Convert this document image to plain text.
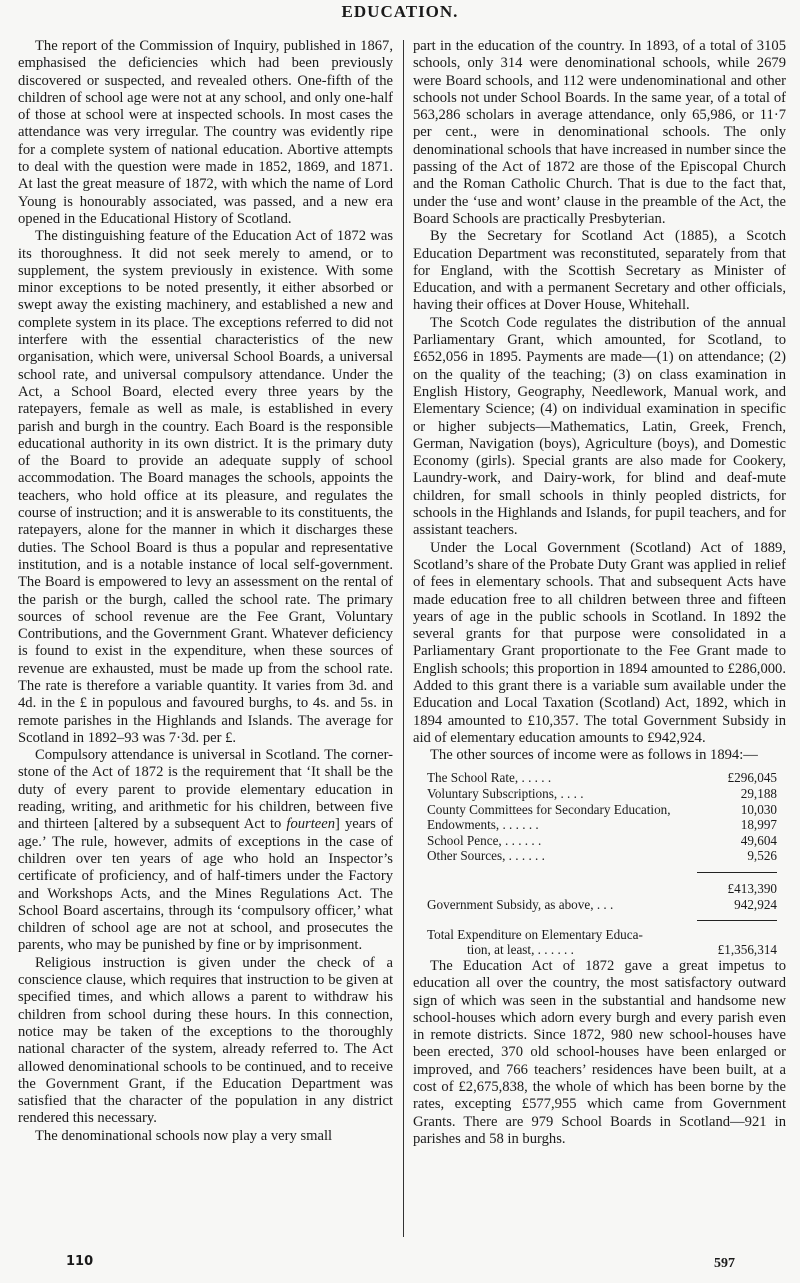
EDUCATION.

The report of the Commission of Inquiry, published in 1867, emphasised the deficiencies which had been previously discovered or suspected, and revealed others. One-fifth of the children of school age were not at any school, and only one-half of those at school were at inspected schools. In most cases the attendance was very irregular. The country was evidently ripe for a complete system of national education. Abortive attempts to deal with the question were made in 1852, 1869, and 1871. At last the great measure of 1872, with which the name of Lord Young is honourably associated, was passed, and a new era opened in the Educational History of Scotland.

The distinguishing feature of the Education Act of 1872 was its thoroughness. It did not seek merely to amend, or to supplement, the system previously in existence. With some minor exceptions to be noted presently, it either absorbed or swept away the existing machinery, and established a new and complete system in its place. The exceptions referred to did not interfere with the essential characteristics of the new organisation, which were, universal School Boards, a universal school rate, and universal compulsory attendance. Under the Act, a School Board, elected every three years by the ratepayers, female as well as male, is established in every parish and burgh in the country. Each Board is the responsible educational authority in its own district. It is the primary duty of the Board to provide an adequate supply of school accommodation. The Board manages the schools, appoints the teachers, who hold office at its pleasure, and regulates the course of instruction; and it is answerable to its constituents, the ratepayers, alone for the manner in which it discharges these duties. The School Board is thus a popular and representative institution, and is a notable instance of local self-government. The Board is empowered to levy an assessment on the rental of the parish or the burgh, called the school rate. The primary sources of school revenue are the Fee Grant, Voluntary Contributions, and the Government Grant. Whatever deficiency is found to exist in the expenditure, when these sources of revenue are exhausted, must be made up from the school rate. The rate is therefore a variable quantity. It varies from 3d. and 4d. in the £ in populous and favoured burghs, to 4s. and 5s. in remote parishes in the Highlands and Islands. The average for Scotland in 1892–93 was 7·3d. per £.

Compulsory attendance is universal in Scotland. The corner-stone of the Act of 1872 is the requirement that ‘It shall be the duty of every parent to provide elementary education in reading, writing, and arithmetic for his children, between five and thirteen [altered by a subsequent Act to fourteen] years of age.’ The rule, however, admits of exceptions in the case of children over ten years of age who hold an Inspector’s certificate of proficiency, and of half-timers under the Factory and Workshops Acts, and the Mines Regulations Act. The School Board ascertains, through its ‘compulsory officer,’ what children of school age are not at school, and prosecutes the parents, who may be punished by fine or by imprisonment.

Religious instruction is given under the check of a conscience clause, which requires that instruction to be given at specified times, and which allows a parent to withdraw his children from school during these hours. In this connection, notice may be taken of the exceptions to the thoroughly national character of the system, already referred to. The Act allowed denominational schools to be continued, and to receive the Government Grant, if the Education Department was satisfied that the character of the population in any district rendered this necessary.

The denominational schools now play a very small

part in the education of the country. In 1893, of a total of 3105 schools, only 314 were denominational schools, while 2679 were Board schools, and 112 were undenominational and other schools not under School Boards. In the same year, of a total of 563,286 scholars in average attendance, only 65,986, or 11·7 per cent., were in denominational schools. The only denominational schools that have increased in number since the passing of the Act of 1872 are those of the Episcopal Church and the Roman Catholic Church. That is due to the fact that, under the ‘use and wont’ clause in the preamble of the Act, the Board Schools are practically Presbyterian.

By the Secretary for Scotland Act (1885), a Scotch Education Department was reconstituted, separately from that for England, with the Scottish Secretary as Minister of Education, and with a permanent Secretary and other officials, having their offices at Dover House, Whitehall.

The Scotch Code regulates the distribution of the annual Parliamentary Grant, which amounted, for Scotland, to £652,056 in 1895. Payments are made—(1) on attendance; (2) on the quality of the teaching; (3) on class examination in English History, Geography, Needlework, Manual work, and Elementary Science; (4) on individual examination in specific or higher subjects—Mathematics, Latin, Greek, French, German, Navigation (boys), Agriculture (boys), and Domestic Economy (girls). Special grants are also made for Cookery, Laundry-work, and Dairy-work, for blind and deaf-mute children, for small schools in thinly peopled districts, for schools in the Highlands and Islands, for pupil teachers, and for assistant teachers.

Under the Local Government (Scotland) Act of 1889, Scotland’s share of the Probate Duty Grant was applied in relief of fees in elementary schools. That and subsequent Acts have made education free to all children between three and fifteen years of age in the public schools in Scotland. In 1892 the several grants for that purpose were consolidated in a Parliamentary Grant proportionate to the Fee Grant made to English schools; this proportion in 1894 amounted to £286,000. Added to this grant there is a variable sum available under the Education and Local Taxation (Scotland) Act, 1892, which in 1894 amounted to £10,357. The total Government Subsidy in aid of elementary education amounts to £942,924.

The other sources of income were as follows in 1894:—

The School Rate, . . . . .	£296,045
Voluntary Subscriptions, . . . .	29,188
County Committees for Secondary Education,	10,030
Endowments, . . . . . .	18,997
School Pence, . . . . . .	49,604
Other Sources, . . . . . .	9,526

	£413,390
Government Subsidy, as above, . . .	942,924

Total Expenditure on Elementary Educa-
tion, at least, . . . . . .	£1,356,314

The Education Act of 1872 gave a great impetus to education all over the country, the most satisfactory outward sign of which was seen in the substantial and handsome new school-houses which adorn every burgh and every parish even in remote districts. Since 1872, 980 new school-houses have been erected, 370 old school-houses have been enlarged or improved, and 766 teachers’ residences have been built, at a cost of £2,675,838, the whole of which has been borne by the rates, excepting £577,955 which came from Government Grants. There are 979 School Boards in Scotland—921 in parishes and 58 in burghs.

110	597
